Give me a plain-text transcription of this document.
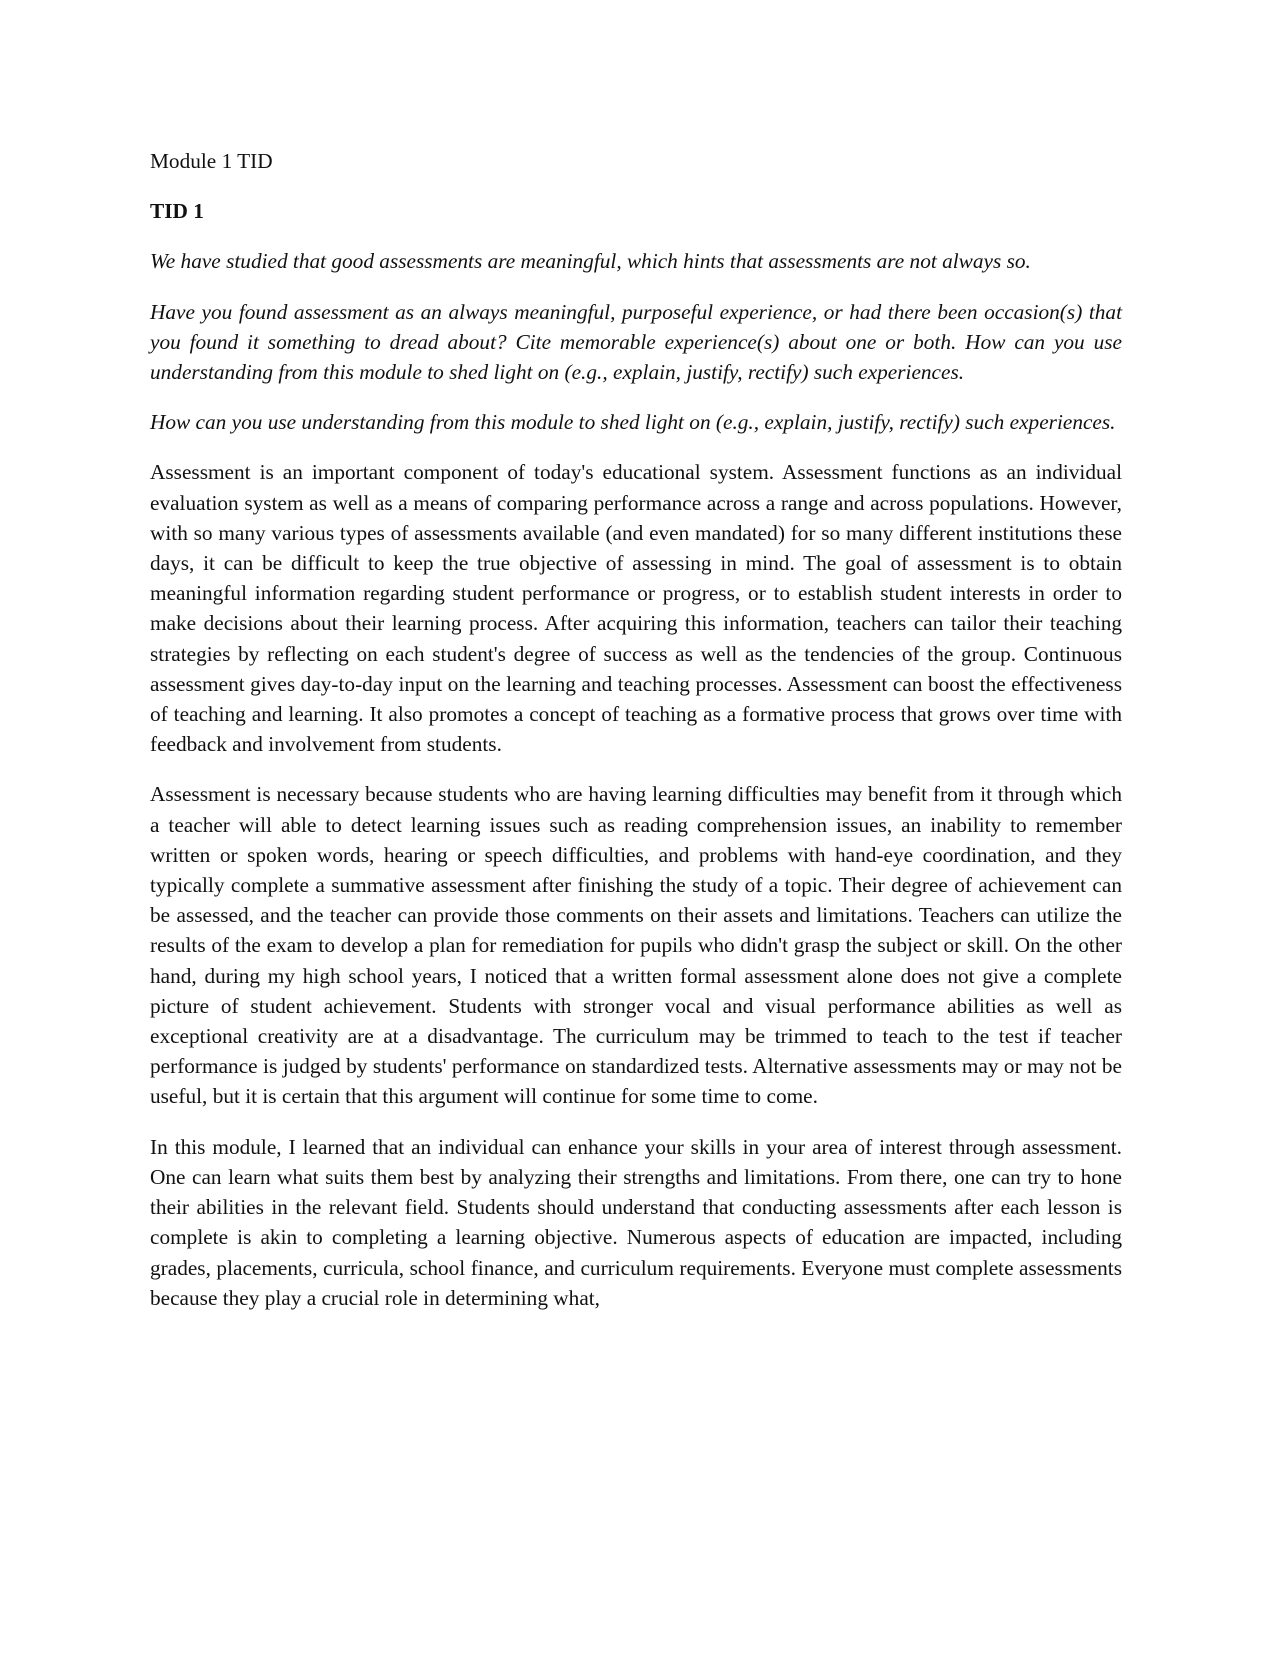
Module 1 TID

TID 1

We have studied that good assessments are meaningful, which hints that assessments are not always so.

Have you found assessment as an always meaningful, purposeful experience, or had there been occasion(s) that you found it something to dread about? Cite memorable experience(s) about one or both. How can you use understanding from this module to shed light on (e.g., explain, justify, rectify) such experiences.

How can you use understanding from this module to shed light on (e.g., explain, justify, rectify) such experiences.

Assessment is an important component of today's educational system. Assessment functions as an individual evaluation system as well as a means of comparing performance across a range and across populations. However, with so many various types of assessments available (and even mandated) for so many different institutions these days, it can be difficult to keep the true objective of assessing in mind. The goal of assessment is to obtain meaningful information regarding student performance or progress, or to establish student interests in order to make decisions about their learning process. After acquiring this information, teachers can tailor their teaching strategies by reflecting on each student's degree of success as well as the tendencies of the group. Continuous assessment gives day-to-day input on the learning and teaching processes. Assessment can boost the effectiveness of teaching and learning. It also promotes a concept of teaching as a formative process that grows over time with feedback and involvement from students.

Assessment is necessary because students who are having learning difficulties may benefit from it through which a teacher will able to detect learning issues such as reading comprehension issues, an inability to remember written or spoken words, hearing or speech difficulties, and problems with hand-eye coordination, and they typically complete a summative assessment after finishing the study of a topic. Their degree of achievement can be assessed, and the teacher can provide those comments on their assets and limitations. Teachers can utilize the results of the exam to develop a plan for remediation for pupils who didn't grasp the subject or skill. On the other hand, during my high school years, I noticed that a written formal assessment alone does not give a complete picture of student achievement. Students with stronger vocal and visual performance abilities as well as exceptional creativity are at a disadvantage. The curriculum may be trimmed to teach to the test if teacher performance is judged by students' performance on standardized tests. Alternative assessments may or may not be useful, but it is certain that this argument will continue for some time to come.

In this module, I learned that an individual can enhance your skills in your area of interest through assessment. One can learn what suits them best by analyzing their strengths and limitations. From there, one can try to hone their abilities in the relevant field. Students should understand that conducting assessments after each lesson is complete is akin to completing a learning objective. Numerous aspects of education are impacted, including grades, placements, curricula, school finance, and curriculum requirements. Everyone must complete assessments because they play a crucial role in determining what,
